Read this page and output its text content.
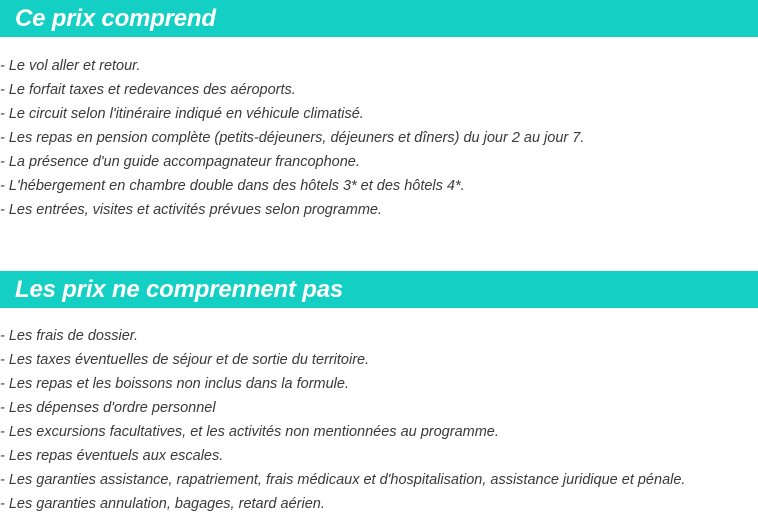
Ce prix comprend
- Le vol aller et retour.
- Le forfait taxes et redevances des aéroports.
- Le circuit selon l'itinéraire indiqué en véhicule climatisé.
- Les repas en pension complète (petits-déjeuners, déjeuners et dîners) du jour 2 au jour 7.
- La présence d'un guide accompagnateur francophone.
- L'hébergement en chambre double dans des hôtels 3* et des hôtels 4*.
- Les entrées, visites et activités prévues selon programme.
Les prix ne comprennent pas
- Les frais de dossier.
- Les taxes éventuelles de séjour et de sortie du territoire.
- Les repas et les boissons non inclus dans la formule.
- Les dépenses d'ordre personnel
- Les excursions facultatives, et les activités non mentionnées au programme.
- Les repas éventuels aux escales.
- Les garanties assistance, rapatriement, frais médicaux et d'hospitalisation, assistance juridique et pénale.
- Les garanties annulation, bagages, retard aérien.
